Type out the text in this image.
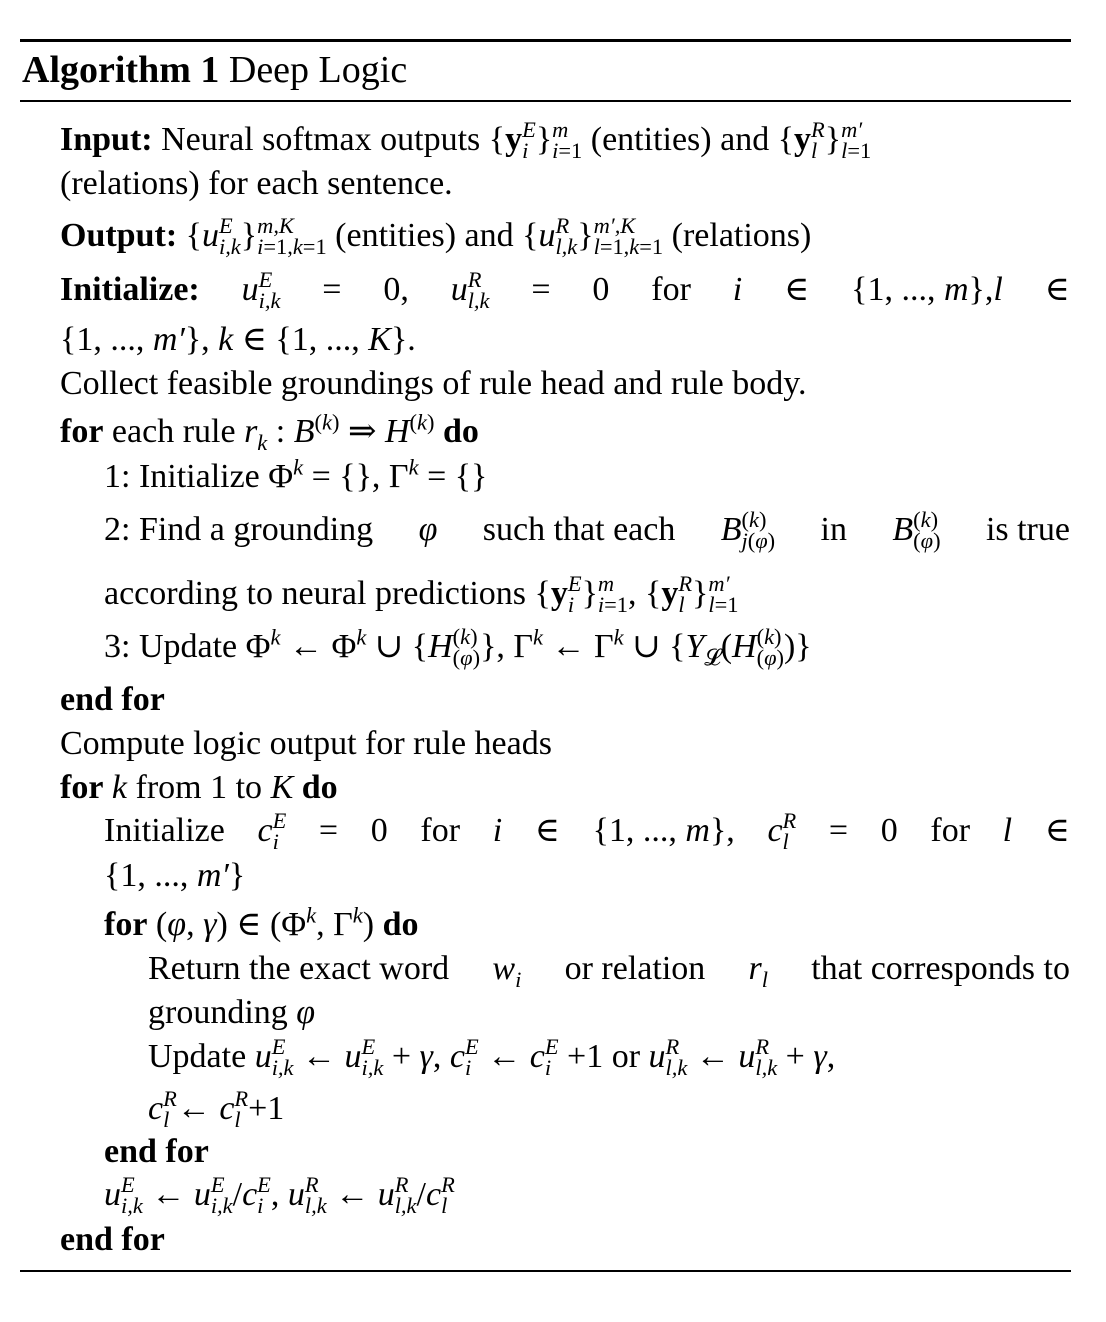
Algorithm 1 Deep Logic
Input: Neural softmax outputs {y E
i } m
i=1 (entities) and {y R
l } m′
l=1
(relations) for each sentence.
Output: {u E
i,k } m,K
i=1,k=1 (entities) and {u R
l,k } m′,K
l=1,k=1 (relations)
Initialize: u E
i,k = 0, u R
l,k = 0 for i ∈ {1, ..., m},l ∈
{1, ..., m′}, k ∈ {1, ..., K}.
Collect feasible groundings of rule head and rule body.
for each rule $r_k$ : $B^{(k)}$ ⇒ $H^{(k)}$ do
1: Initialize $\Phi^k$ = {}, $\Gamma^k$ = {}
2: Find a grounding φ such that each B (k)
j(φ) in B (k)
(φ) is true
according to neural predictions {y E
i } m
i=1 , {y R
l } m′
l=1
3: Update $\Phi^k$ ← $\Phi^k$ ∪ {H (k)
(φ) }, $\Gamma^k$ ← $\Gamma^k$ ∪ {$Y_𝓛(H$ (k)
(φ) )}
end for
Compute logic output for rule heads
for k from 1 to K do
Initialize c E
i = 0 for i ∈ {1, ..., m}, c R
l = 0 for l ∈
{1, ..., m′}
for (φ, γ) ∈ ($\Phi^k$, $\Gamma^k$) do
Return the exact word $w_i$ or relation $r_l$ that corresponds to
grounding φ
Update u E
i,k ← u E
i,k + γ, c E
i ← c E
i +1 or u R
l,k ← u R
l,k + γ,
c R
l ← c R
l +1
end for
u E
i,k ← u E
i,k /c E
i , u R
l,k ← u R
l,k /c R
l
end for
